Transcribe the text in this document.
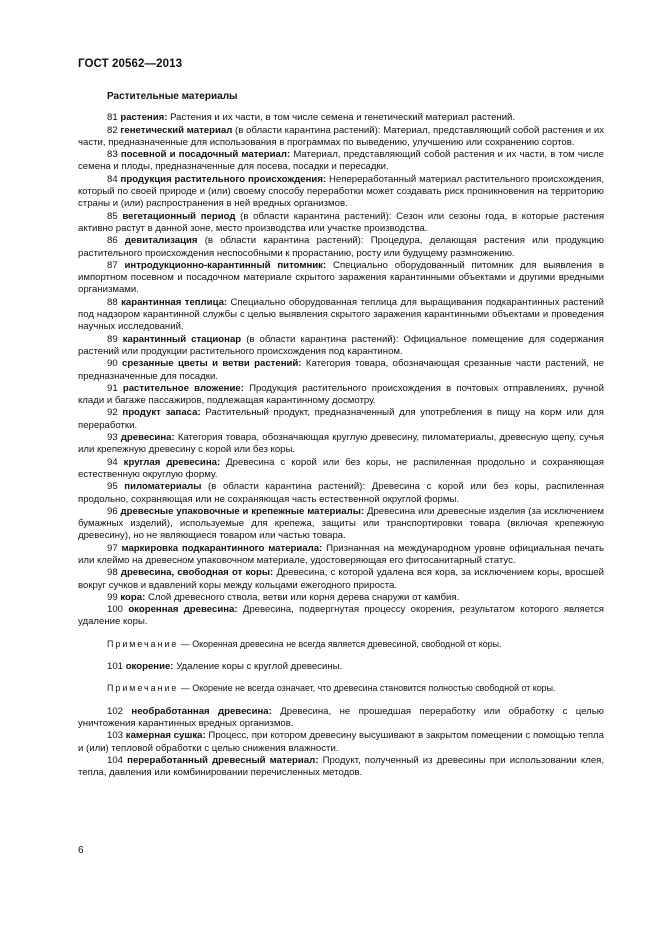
ГОСТ 20562—2013
Растительные материалы
81 растения: Растения и их части, в том числе семена и генетический материал растений.
82 генетический материал (в области карантина растений): Материал, представляющий собой растения и их части, предназначенные для использования в программах по выведению, улучшению или сохранению сортов.
83 посевной и посадочный материал: Материал, представляющий собой растения и их части, в том числе семена и плоды, предназначенные для посева, посадки и пересадки.
84 продукция растительного происхождения: Непереработанный материал растительного происхождения, который по своей природе и (или) своему способу переработки может создавать риск проникновения на территорию страны и (или) распространения в ней вредных организмов.
85 вегетационный период (в области карантина растений): Сезон или сезоны года, в которые растения активно растут в данной зоне, место производства или участке производства.
86 девитализация (в области карантина растений): Процедура, делающая растения или продукцию растительного происхождения неспособными к прорастанию, росту или будущему размножению.
87 интродукционно-карантинный питомник: Специально оборудованный питомник для выявления в импортном посевном и посадочном материале скрытого заражения карантинными объектами и другими вредными организмами.
88 карантинная теплица: Специально оборудованная теплица для выращивания подкарантинных растений под надзором карантинной службы с целью выявления скрытого заражения карантинными объектами и проведения научных исследований.
89 карантинный стационар (в области карантина растений): Официальное помещение для содержания растений или продукции растительного происхождения под карантином.
90 срезанные цветы и ветви растений: Категория товара, обозначающая срезанные части растений, не предназначенные для посадки.
91 растительное вложение: Продукция растительного происхождения в почтовых отправлениях, ручной клади и багаже пассажиров, подлежащая карантинному досмотру.
92 продукт запаса: Растительный продукт, предназначенный для употребления в пищу на корм или для переработки.
93 древесина: Категория товара, обозначающая круглую древесину, пиломатериалы, древесную щепу, сучья или крепежную древесину с корой или без коры.
94 круглая древесина: Древесина с корой или без коры, не распиленная продольно и сохраняющая естественную округлую форму.
95 пиломатериалы (в области карантина растений): Древесина с корой или без коры, распиленная продольно, сохраняющая или не сохраняющая часть естественной округлой формы.
96 древесные упаковочные и крепежные материалы: Древесина или древесные изделия (за исключением бумажных изделий), используемые для крепежа, защиты или транспортировки товара (включая крепежную древесину), но не являющиеся товаром или частью товара.
97 маркировка подкарантинного материала: Признанная на международном уровне официальная печать или клеймо на древесном упаковочном материале, удостоверяющая его фитосанитарный статус.
98 древесина, свободная от коры: Древесина, с которой удалена вся кора, за исключением коры, вросшей вокруг сучков и вдавлений коры между кольцами ежегодного прироста.
99 кора: Слой древесного ствола, ветви или корня дерева снаружи от камбия.
100 окоренная древесина: Древесина, подвергнутая процессу окорения, результатом которого является удаление коры.
Примечание — Окоренная древесина не всегда является древесиной, свободной от коры.
101 окорение: Удаление коры с круглой древесины.
Примечание — Окорение не всегда означает, что древесина становится полностью свободной от коры.
102 необработанная древесина: Древесина, не прошедшая переработку или обработку с целью уничтожения карантинных вредных организмов.
103 камерная сушка: Процесс, при котором древесину высушивают в закрытом помещении с помощью тепла и (или) тепловой обработки с целью снижения влажности.
104 переработанный древесный материал: Продукт, полученный из древесины при использовании клея, тепла, давления или комбинировании перечисленных методов.
6
